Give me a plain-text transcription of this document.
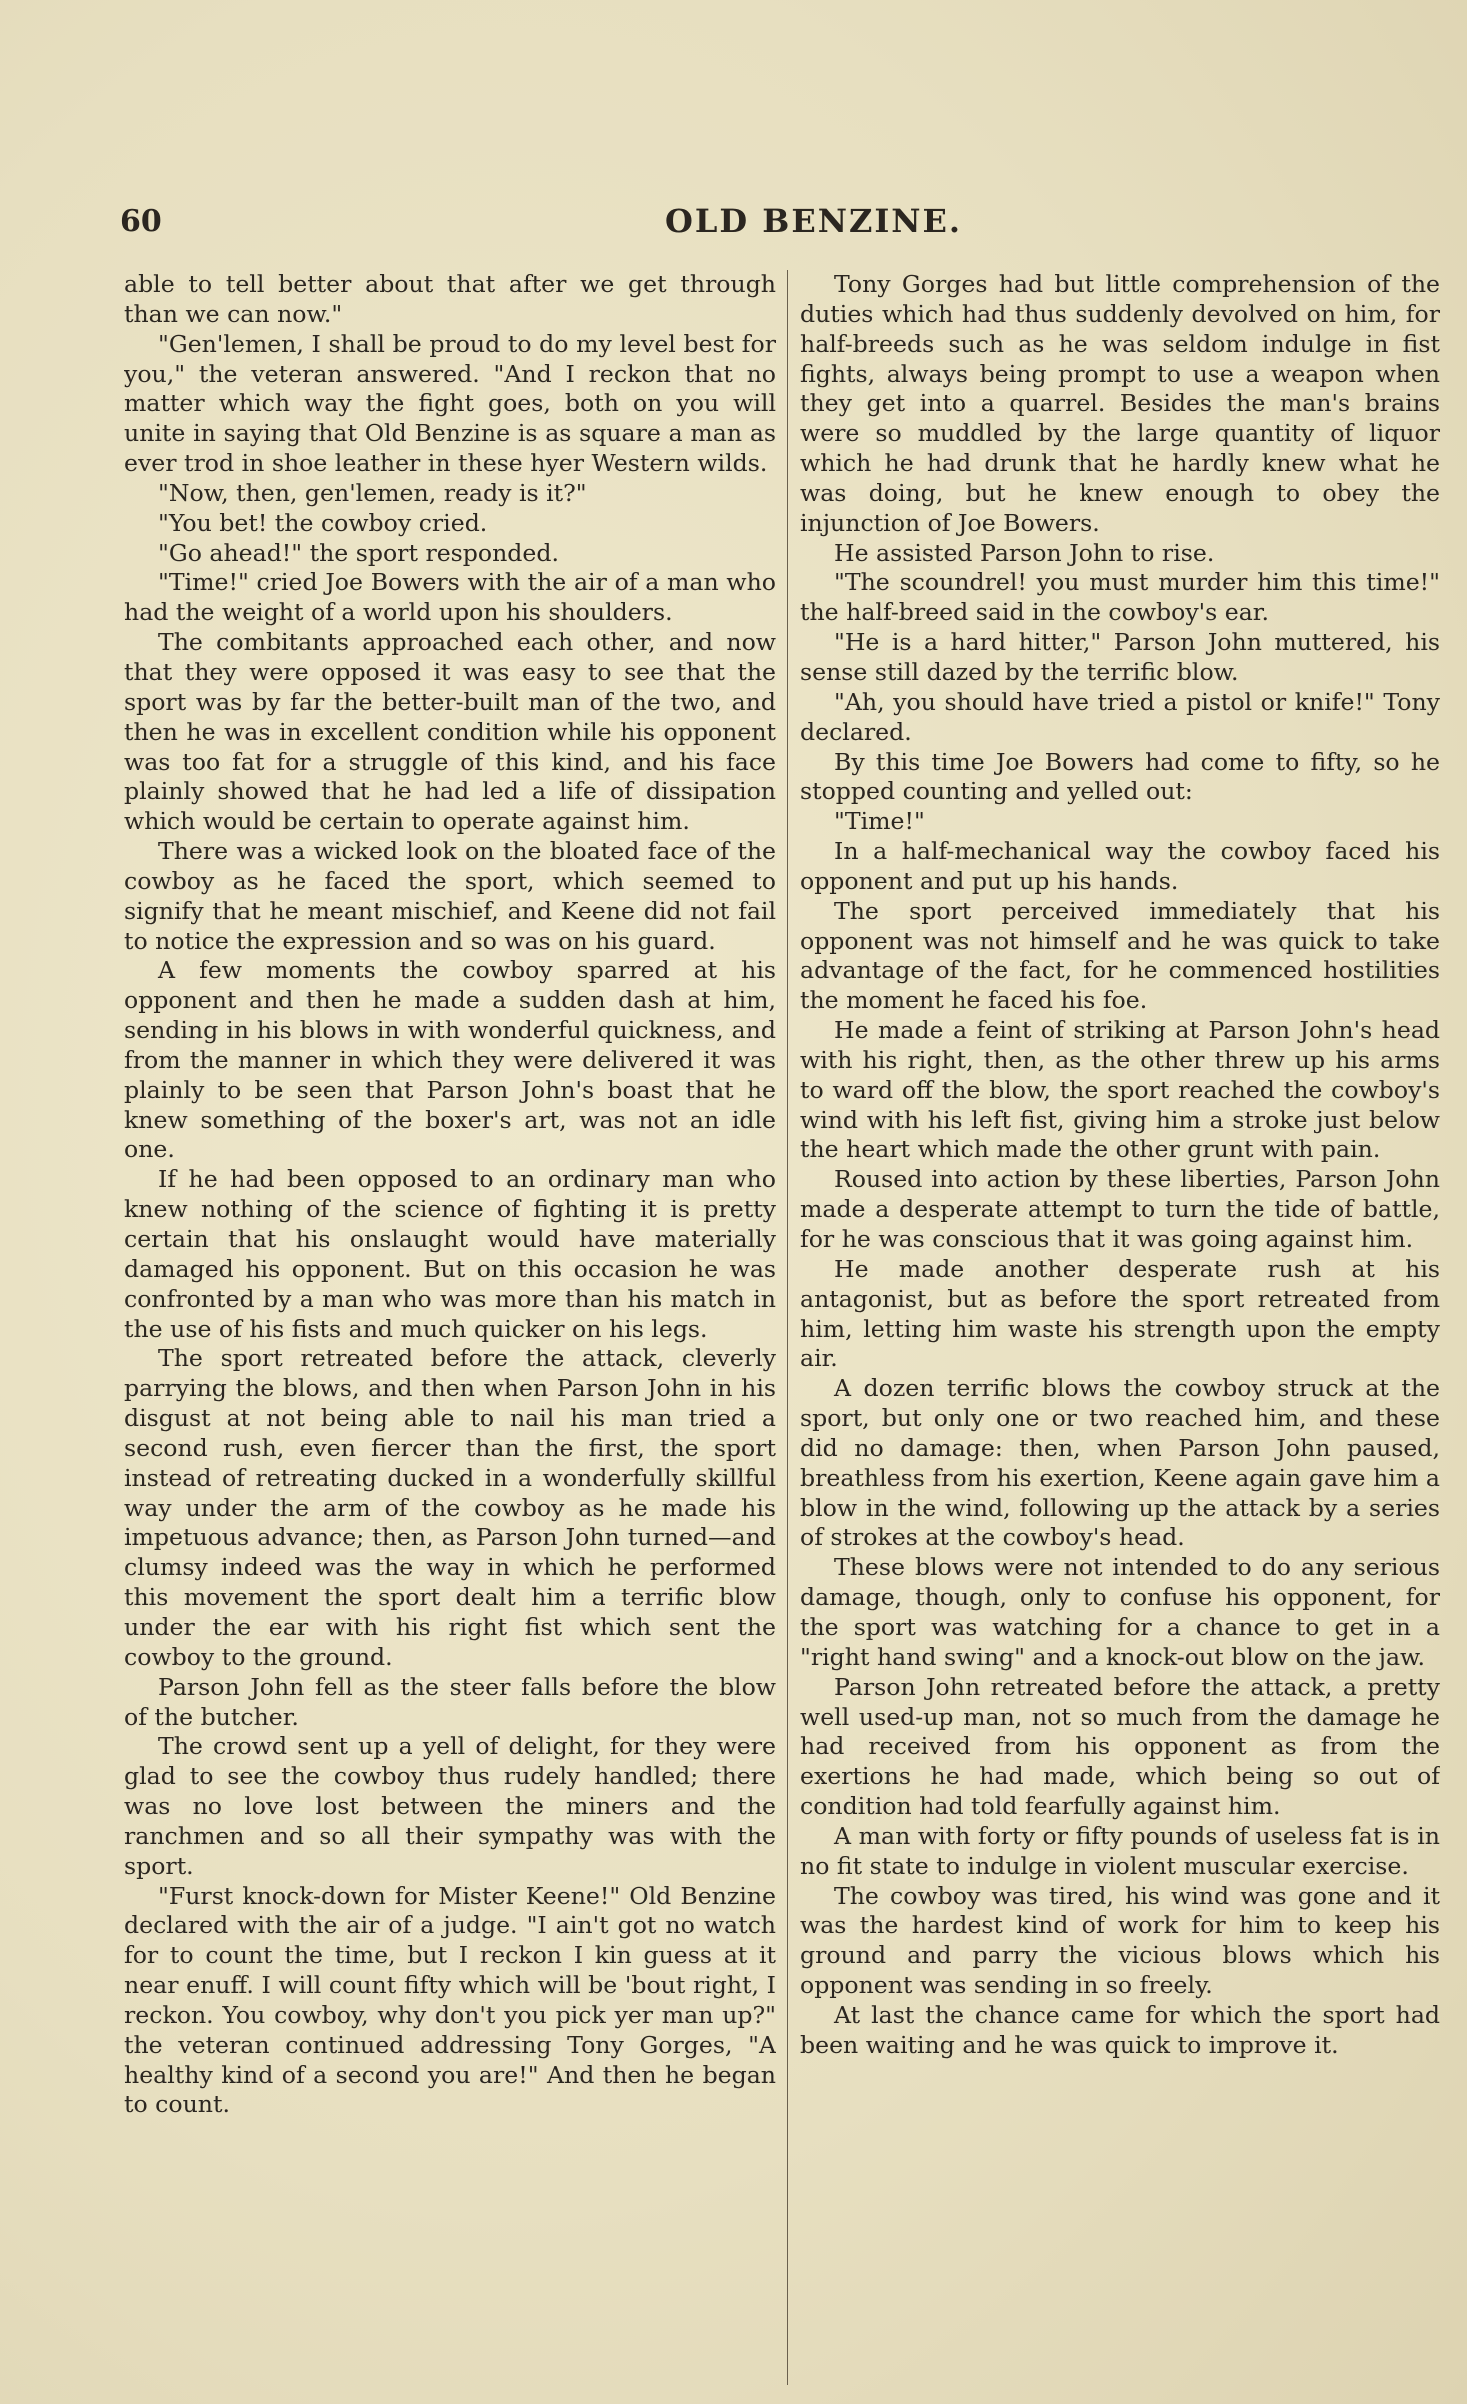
60	OLD BENZINE.

able to tell better about that after we get through than we can now."

"Gen'lemen, I shall be proud to do my level best for you," the veteran answered. "And I reckon that no matter which way the fight goes, both on you will unite in saying that Old Benzine is as square a man as ever trod in shoe leather in these hyer Western wilds.

"Now, then, gen'lemen, ready is it?"

"You bet! the cowboy cried.

"Go ahead!" the sport responded.

"Time!" cried Joe Bowers with the air of a man who had the weight of a world upon his shoulders.

The combitants approached each other, and now that they were opposed it was easy to see that the sport was by far the better-built man of the two, and then he was in excellent condition while his opponent was too fat for a struggle of this kind, and his face plainly showed that he had led a life of dissipation which would be certain to operate against him.

There was a wicked look on the bloated face of the cowboy as he faced the sport, which seemed to signify that he meant mischief, and Keene did not fail to notice the expression and so was on his guard.

A few moments the cowboy sparred at his opponent and then he made a sudden dash at him, sending in his blows in with wonderful quickness, and from the manner in which they were delivered it was plainly to be seen that Parson John's boast that he knew something of the boxer's art, was not an idle one.

If he had been opposed to an ordinary man who knew nothing of the science of fighting it is pretty certain that his onslaught would have materially damaged his opponent. But on this occasion he was confronted by a man who was more than his match in the use of his fists and much quicker on his legs.

The sport retreated before the attack, cleverly parrying the blows, and then when Parson John in his disgust at not being able to nail his man tried a second rush, even fiercer than the first, the sport instead of retreating ducked in a wonderfully skillful way under the arm of the cowboy as he made his impetuous advance; then, as Parson John turned—and clumsy indeed was the way in which he performed this movement the sport dealt him a terrific blow under the ear with his right fist which sent the cowboy to the ground.

Parson John fell as the steer falls before the blow of the butcher.

The crowd sent up a yell of delight, for they were glad to see the cowboy thus rudely handled; there was no love lost between the miners and the ranchmen and so all their sympathy was with the sport.

"Furst knock-down for Mister Keene!" Old Benzine declared with the air of a judge. "I ain't got no watch for to count the time, but I reckon I kin guess at it near enuff. I will count fifty which will be 'bout right, I reckon. You cowboy, why don't you pick yer man up?" the veteran continued addressing Tony Gorges, "A healthy kind of a second you are!" And then he began to count.

Tony Gorges had but little comprehension of the duties which had thus suddenly devolved on him, for half-breeds such as he was seldom indulge in fist fights, always being prompt to use a weapon when they get into a quarrel. Besides the man's brains were so muddled by the large quantity of liquor which he had drunk that he hardly knew what he was doing, but he knew enough to obey the injunction of Joe Bowers.

He assisted Parson John to rise.

"The scoundrel! you must murder him this time!" the half-breed said in the cowboy's ear.

"He is a hard hitter," Parson John muttered, his sense still dazed by the terrific blow.

"Ah, you should have tried a pistol or knife!" Tony declared.

By this time Joe Bowers had come to fifty, so he stopped counting and yelled out:

"Time!"

In a half-mechanical way the cowboy faced his opponent and put up his hands.

The sport perceived immediately that his opponent was not himself and he was quick to take advantage of the fact, for he commenced hostilities the moment he faced his foe.

He made a feint of striking at Parson John's head with his right, then, as the other threw up his arms to ward off the blow, the sport reached the cowboy's wind with his left fist, giving him a stroke just below the heart which made the other grunt with pain.

Roused into action by these liberties, Parson John made a desperate attempt to turn the tide of battle, for he was conscious that it was going against him.

He made another desperate rush at his antagonist, but as before the sport retreated from him, letting him waste his strength upon the empty air.

A dozen terrific blows the cowboy struck at the sport, but only one or two reached him, and these did no damage: then, when Parson John paused, breathless from his exertion, Keene again gave him a blow in the wind, following up the attack by a series of strokes at the cowboy's head.

These blows were not intended to do any serious damage, though, only to confuse his opponent, for the sport was watching for a chance to get in a "right hand swing" and a knock-out blow on the jaw.

Parson John retreated before the attack, a pretty well used-up man, not so much from the damage he had received from his opponent as from the exertions he had made, which being so out of condition had told fearfully against him.

A man with forty or fifty pounds of useless fat is in no fit state to indulge in violent muscular exercise.

The cowboy was tired, his wind was gone and it was the hardest kind of work for him to keep his ground and parry the vicious blows which his opponent was sending in so freely.

At last the chance came for which the sport had been waiting and he was quick to improve it.
